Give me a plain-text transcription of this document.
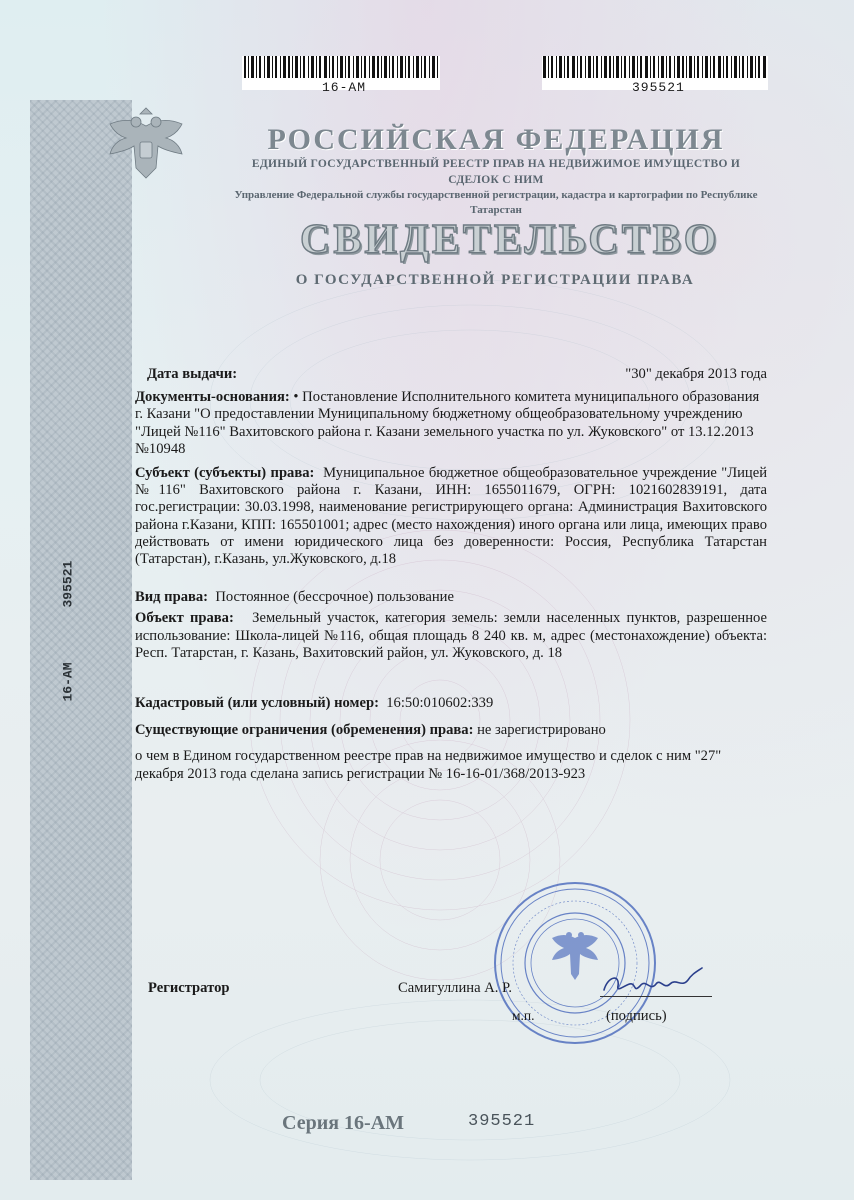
16-AM	395521
РОССИЙСКАЯ ФЕДЕРАЦИЯ
ЕДИНЫЙ ГОСУДАРСТВЕННЫЙ РЕЕСТР ПРАВ НА НЕДВИЖИМОЕ ИМУЩЕСТВО И СДЕЛОК С НИМ
Управление Федеральной службы государственной регистрации, кадастра и картографии по Республике Татарстан
СВИДЕТЕЛЬСТВО
О ГОСУДАРСТВЕННОЙ РЕГИСТРАЦИИ ПРАВА
16-АМ
Дата выдачи:	"30" декабря 2013 года
Документы-основания: • Постановление Исполнительного комитета муниципального образования г. Казани "О предоставлении Муниципальному бюджетному общеобразовательному учреждению "Лицей №116" Вахитовского района г. Казани земельного участка по ул. Жуковского" от 13.12.2013 №10948
Субъект (субъекты) права: Муниципальное бюджетное общеобразовательное учреждение "Лицей №116" Вахитовского района г. Казани, ИНН: 1655011679, ОГРН: 1021602839191, дата гос.регистрации: 30.03.1998, наименование регистрирующего органа: Администрация Вахитовского района г.Казани, КПП: 165501001; адрес (место нахождения) иного органа или лица, имеющих право действовать от имени юридического лица без доверенности: Россия, Республика Татарстан (Татарстан), г.Казань, ул.Жуковского, д.18
Вид права: Постоянное (бессрочное) пользование
Объект права: Земельный участок, категория земель: земли населенных пунктов, разрешенное использование: Школа-лицей №116, общая площадь 8 240 кв. м, адрес (местонахождение) объекта: Респ. Татарстан, г. Казань, Вахитовский район, ул. Жуковского, д. 18
Кадастровый (или условный) номер: 16:50:010602:339
Существующие ограничения (обременения) права: не зарегистрировано
о чем в Едином государственном реестре прав на недвижимое имущество и сделок с ним "27" декабря 2013 года сделана запись регистрации № 16-16-01/368/2013-923
Регистратор	Самигуллина А. Р.
м.п.	(подпись)
Серия 16-АМ	395521
